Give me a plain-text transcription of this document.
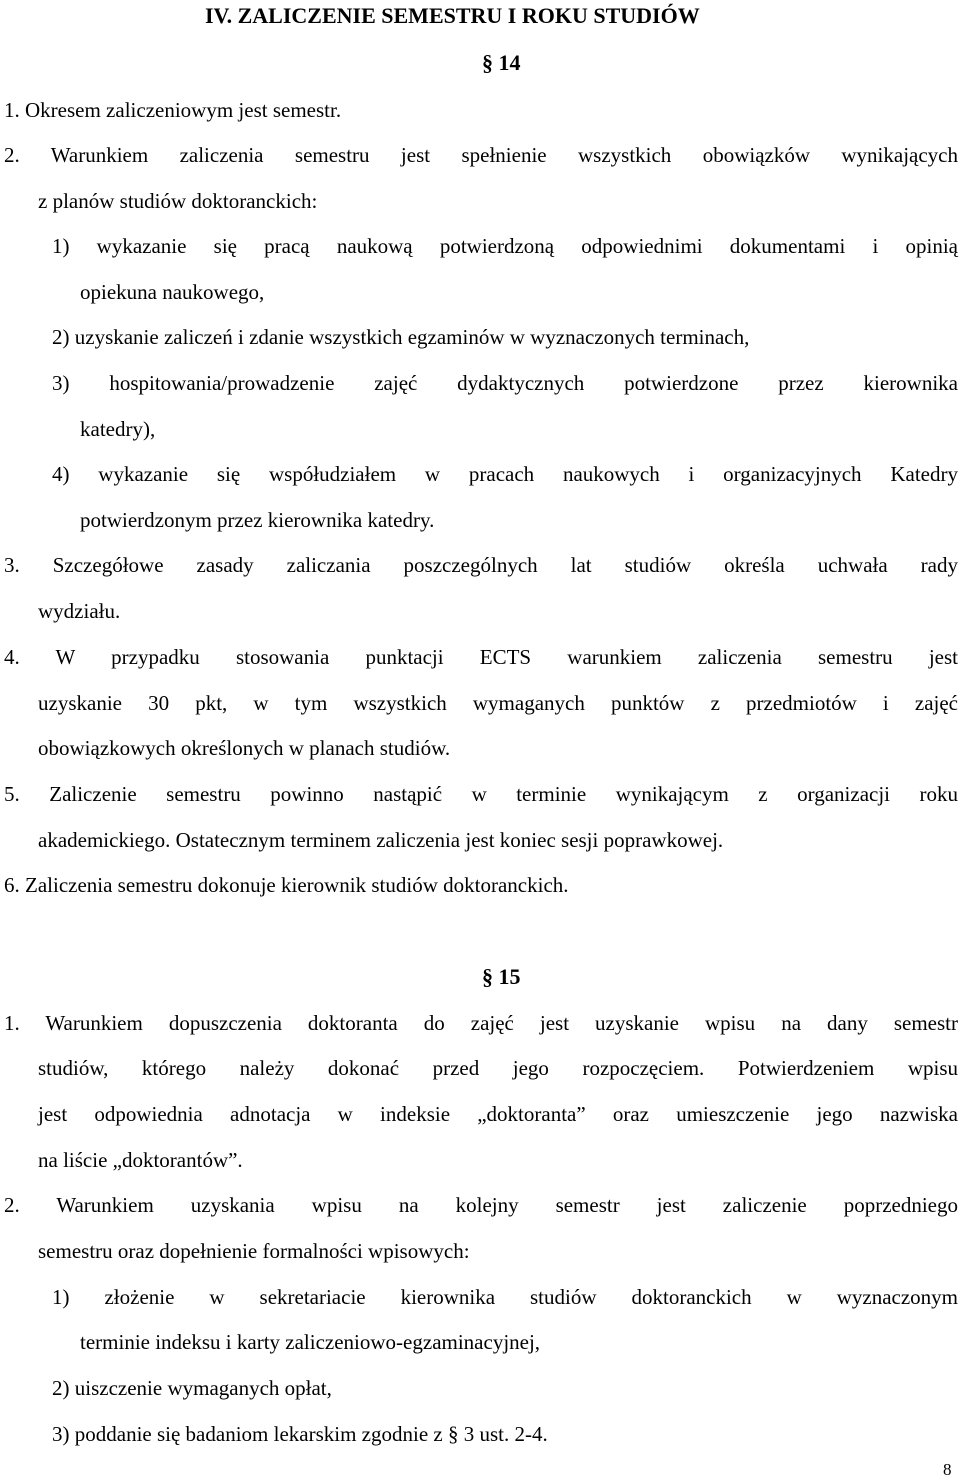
IV. ZALICZENIE SEMESTRU I ROKU STUDIÓW
§ 14
1. Okresem zaliczeniowym jest semestr.
2. Warunkiem zaliczenia semestru jest spełnienie wszystkich obowiązków wynikających
z planów studiów doktoranckich:
1) wykazanie się pracą naukową potwierdzoną odpowiednimi dokumentami i opinią
opiekuna naukowego,
2) uzyskanie zaliczeń i zdanie wszystkich egzaminów w wyznaczonych terminach,
3) hospitowania/prowadzenie zajęć dydaktycznych potwierdzone przez kierownika
katedry),
4) wykazanie się współudziałem w pracach naukowych i organizacyjnych Katedry
potwierdzonym przez kierownika katedry.
3. Szczegółowe zasady zaliczania poszczególnych lat studiów określa uchwała rady
wydziału.
4. W przypadku stosowania punktacji ECTS warunkiem zaliczenia semestru jest
uzyskanie 30 pkt, w tym wszystkich wymaganych punktów z przedmiotów i zajęć
obowiązkowych określonych w planach studiów.
5. Zaliczenie semestru powinno nastąpić w terminie wynikającym z organizacji roku
akademickiego. Ostatecznym terminem zaliczenia jest koniec sesji poprawkowej.
6. Zaliczenia semestru dokonuje kierownik studiów doktoranckich.
§ 15
1. Warunkiem dopuszczenia doktoranta do zajęć jest uzyskanie wpisu na dany semestr
studiów, którego należy dokonać przed jego rozpoczęciem. Potwierdzeniem wpisu
jest odpowiednia adnotacja w indeksie „doktoranta” oraz umieszczenie jego nazwiska
na liście „doktorantów”.
2. Warunkiem uzyskania wpisu na kolejny semestr jest zaliczenie poprzedniego
semestru oraz dopełnienie formalności wpisowych:
1) złożenie w sekretariacie kierownika studiów doktoranckich w wyznaczonym
terminie indeksu i karty zaliczeniowo-egzaminacyjnej,
2) uiszczenie wymaganych opłat,
3) poddanie się badaniom lekarskim zgodnie z § 3 ust. 2-4.
8
